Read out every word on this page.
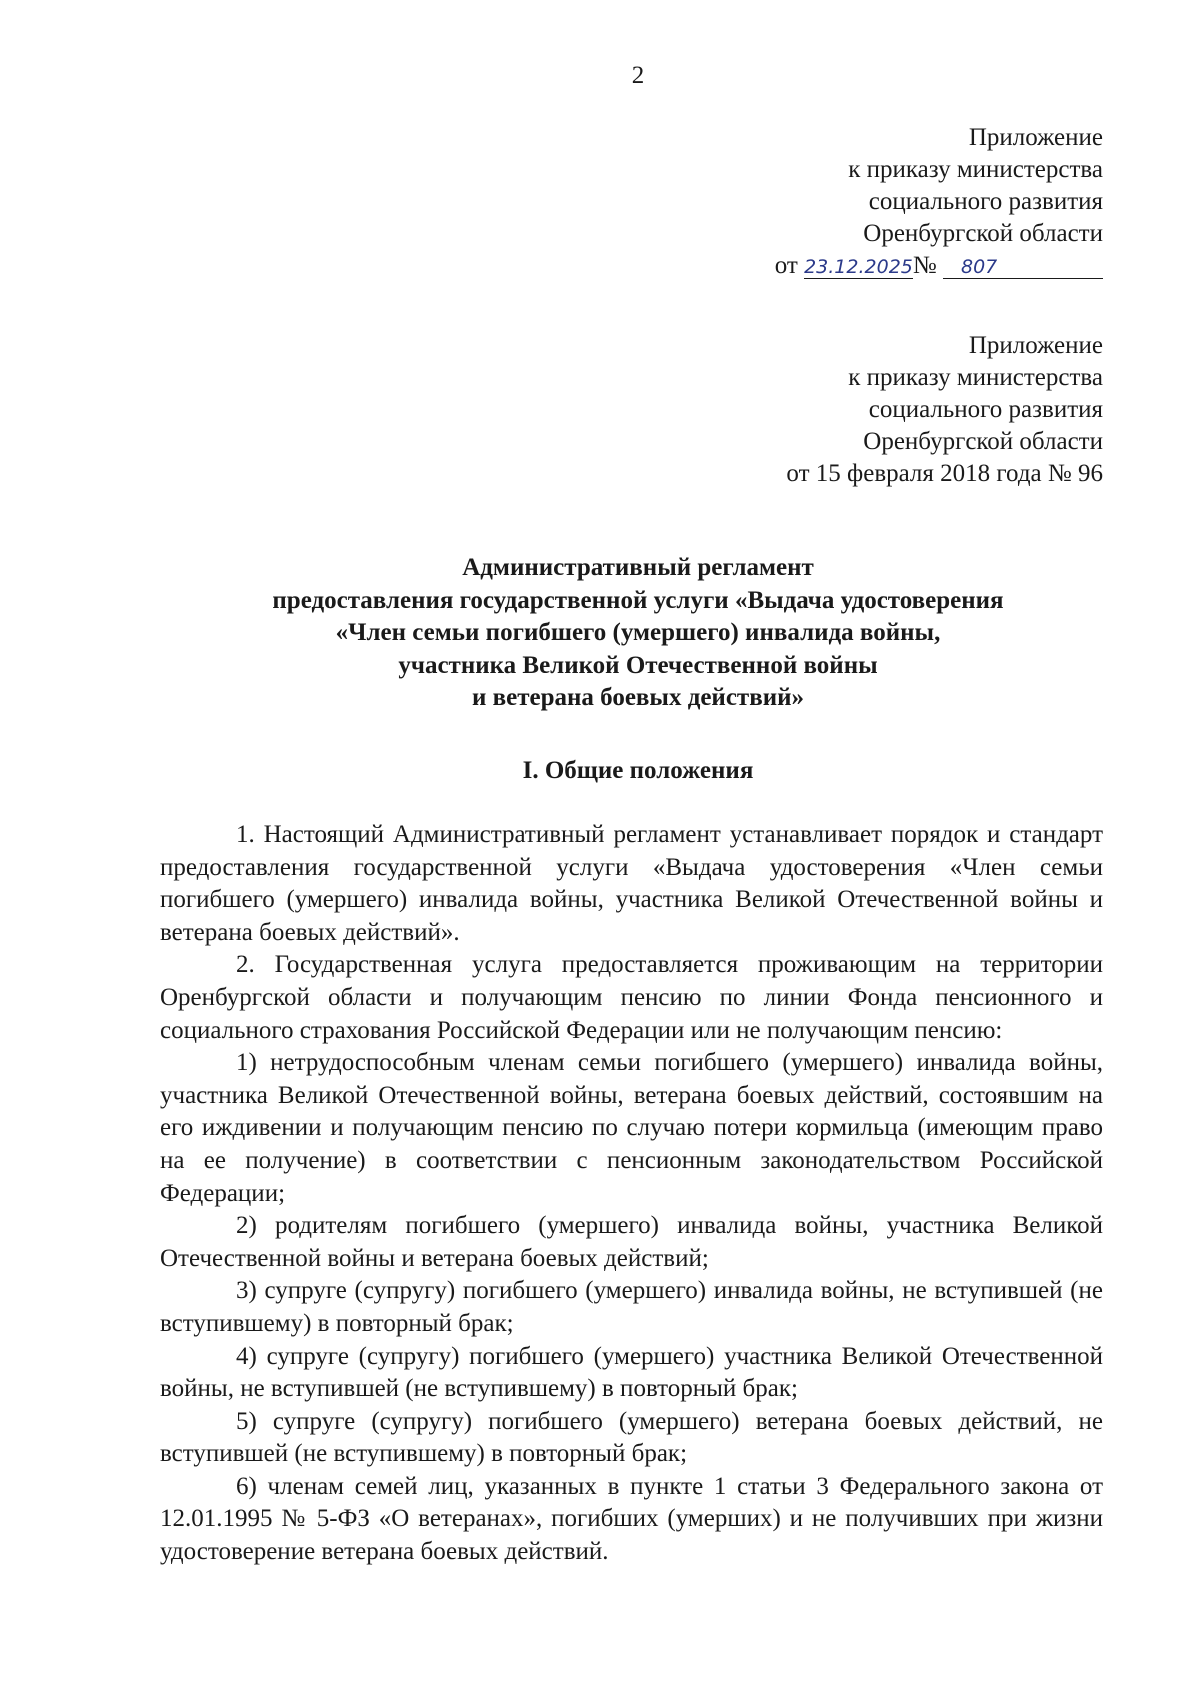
2
Приложение
к приказу министерства
социального развития
Оренбургской области
от 23.12.2025№ 807
Приложение
к приказу министерства
социального развития
Оренбургской области
от 15 февраля 2018 года № 96
Административный регламент
предоставления государственной услуги «Выдача удостоверения
«Член семьи погибшего (умершего) инвалида войны,
участника Великой Отечественной войны
и ветерана боевых действий»
I. Общие положения

1. Настоящий Административный регламент устанавливает порядок и стандарт предоставления государственной услуги «Выдача удостоверения «Член семьи погибшего (умершего) инвалида войны, участника Великой Отечественной войны и ветерана боевых действий».

2. Государственная услуга предоставляется проживающим на территории Оренбургской области и получающим пенсию по линии Фонда пенсионного и социального страхования Российской Федерации или не получающим пенсию:

1) нетрудоспособным членам семьи погибшего (умершего) инвалида войны, участника Великой Отечественной войны, ветерана боевых действий, состоявшим на его иждивении и получающим пенсию по случаю потери кормильца (имеющим право на ее получение) в соответствии с пенсионным законодательством Российской Федерации;

2) родителям погибшего (умершего) инвалида войны, участника Великой Отечественной войны и ветерана боевых действий;

3) супруге (супругу) погибшего (умершего) инвалида войны, не вступившей (не вступившему) в повторный брак;

4) супруге (супругу) погибшего (умершего) участника Великой Отечественной войны, не вступившей (не вступившему) в повторный брак;

5) супруге (супругу) погибшего (умершего) ветерана боевых действий, не вступившей (не вступившему) в повторный брак;

6) членам семей лиц, указанных в пункте 1 статьи 3 Федерального закона от 12.01.1995 № 5-ФЗ «О ветеранах», погибших (умерших) и не получивших при жизни удостоверение ветерана боевых действий.
